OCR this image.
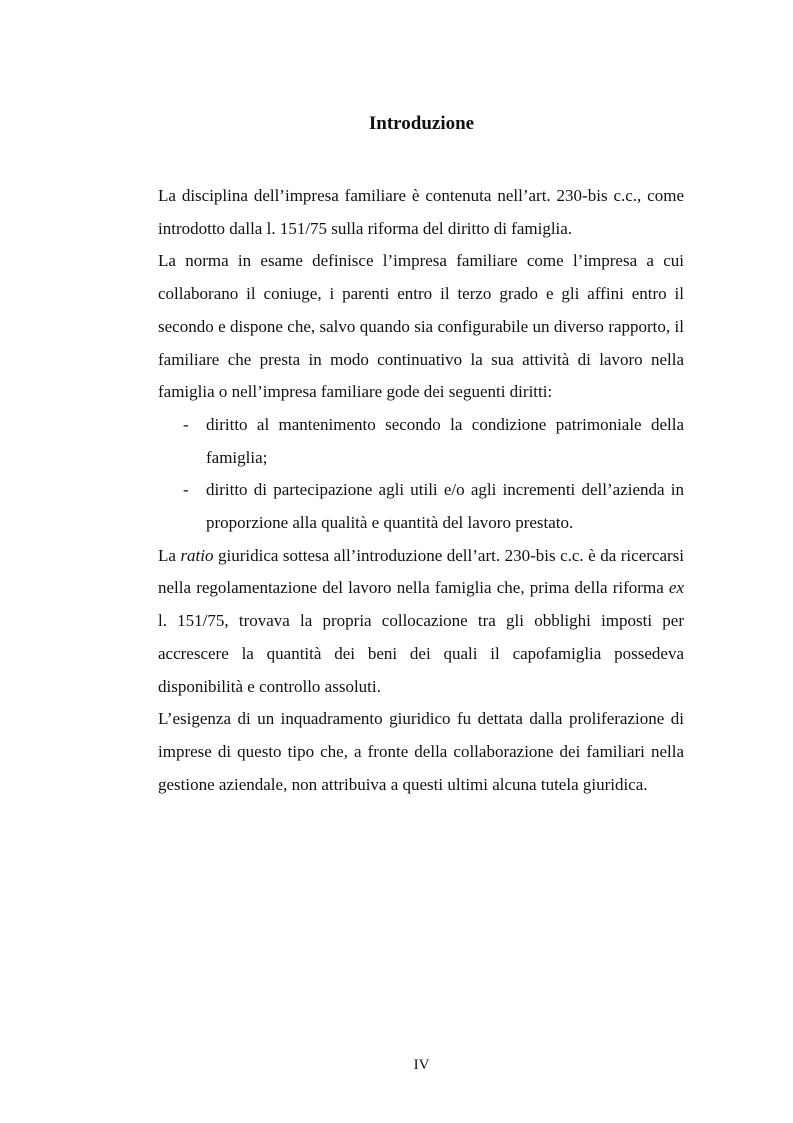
Introduzione

La disciplina dell’impresa familiare è contenuta nell’art. 230-bis c.c., come introdotto dalla l. 151/75 sulla riforma del diritto di famiglia.

La norma in esame definisce l’impresa familiare come l’impresa a cui collaborano il coniuge, i parenti entro il terzo grado e gli affini entro il secondo e dispone che, salvo quando sia configurabile un diverso rapporto, il familiare che presta in modo continuativo la sua attività di lavoro nella famiglia o nell’impresa familiare gode dei seguenti diritti:

- diritto al mantenimento secondo la condizione patrimoniale della famiglia;
- diritto di partecipazione agli utili e/o agli incrementi dell’azienda in proporzione alla qualità e quantità del lavoro prestato.

La ratio giuridica sottesa all’introduzione dell’art. 230-bis c.c. è da ricercarsi nella regolamentazione del lavoro nella famiglia che, prima della riforma ex l. 151/75, trovava la propria collocazione tra gli obblighi imposti per accrescere la quantità dei beni dei quali il capofamiglia possedeva disponibilità e controllo assoluti.

L’esigenza di un inquadramento giuridico fu dettata dalla proliferazione di imprese di questo tipo che, a fronte della collaborazione dei familiari nella gestione aziendale, non attribuiva a questi ultimi alcuna tutela giuridica.

IV
